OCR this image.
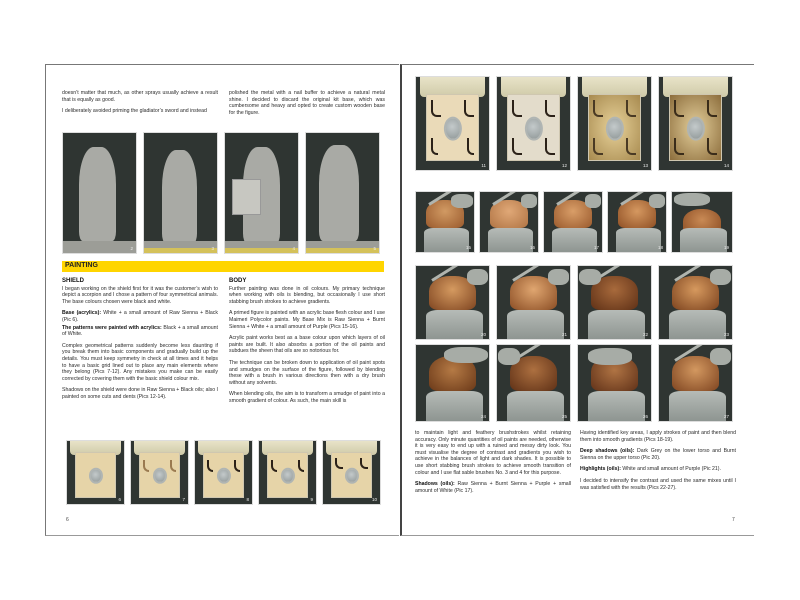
doesn’t matter that much, as other sprays usually achieve a result that is equally as good.

I deliberately avoided priming the gladiator’s sword and instead

polished the metal with a nail buffer to achieve a natural metal shine. I decided to discard the original kit base, which was cumbersome and heavy and opted to create custom wooden base for the figure.

2	3	4	5
PAINTING
SHIELD

I began working on the shield first for it was the customer’s wish to depict a scorpion and I chose a pattern of four symmetrical animals. The base colours chosen were black and white.

Base (acrylics): White + a small amount of Raw Sienna + Black (Pic 6).

The patterns were painted with acrylics: Black + a small amount of White.

Complex geometrical patterns suddenly become less daunting if you break them into basic components and gradually build up the details. You must keep symmetry in check at all times and it helps to have a basic grid lined out to place any main elements where they belong (Pics 7-12). Any mistakes you make can be easily corrected by covering them with the basic shield colour mix.

Shadows on the shield were done in Raw Sienna + Black oils; also I painted on some cuts and dents (Pics 12-14).

BODY

Further painting was done in oil colours. My primary technique when working with oils is blending, but occasionally I use short stabbing brush strokes to achieve gradients.

A primed figure is painted with an acrylic base flesh colour and I use Maimeri Polycolor paints. My Base Mix is Raw Sienna + Burnt Sienna + White + a small amount of Purple (Pics 15-16).

Acrylic paint works best as a base colour upon which layers of oil paints are built. It also absorbs a portion of the oil paints and subdues the sheen that oils are so notorious for.

The technique can be broken down to application of oil paint spots and smudges on the surface of the figure, followed by blending these with a brush in various directions then with a dry brush without any solvents.

When blending oils, the aim is to transform a smudge of paint into a smooth gradient of colour. As such, the main skill is

6	7	8	9	10
6
11	12	13	14
15	16	17	18	19
20	21	22	23
24	25	26	27

to maintain light and feathery brushstrokes whilst retaining accuracy. Only minute quantities of oil paints are needed, otherwise it is very easy to end up with a ruined and messy dirty look. You must visualise the degree of contrast and gradients you wish to achieve in the balances of light and dark shades. It is possible to use short stabbing brush strokes to achieve smooth transition of colour and I use flat sable brushes No. 3 and 4 for this purpose.

Shadows (oils): Raw Sienna + Burnt Sienna + Purple + small amount of White (Pic 17).

Having identified key areas, I apply strokes of paint and then blend them into smooth gradients (Pics 18-19).

Deep shadows (oils): Dark Grey on the lower torso and Burnt Sienna on the upper torso (Pic 20).

Highlights (oils): White and small amount of Purple (Pic 21).

I decided to intensify the contrast and used the same mixes until I was satisfied with the results (Pics 22-27).

7
